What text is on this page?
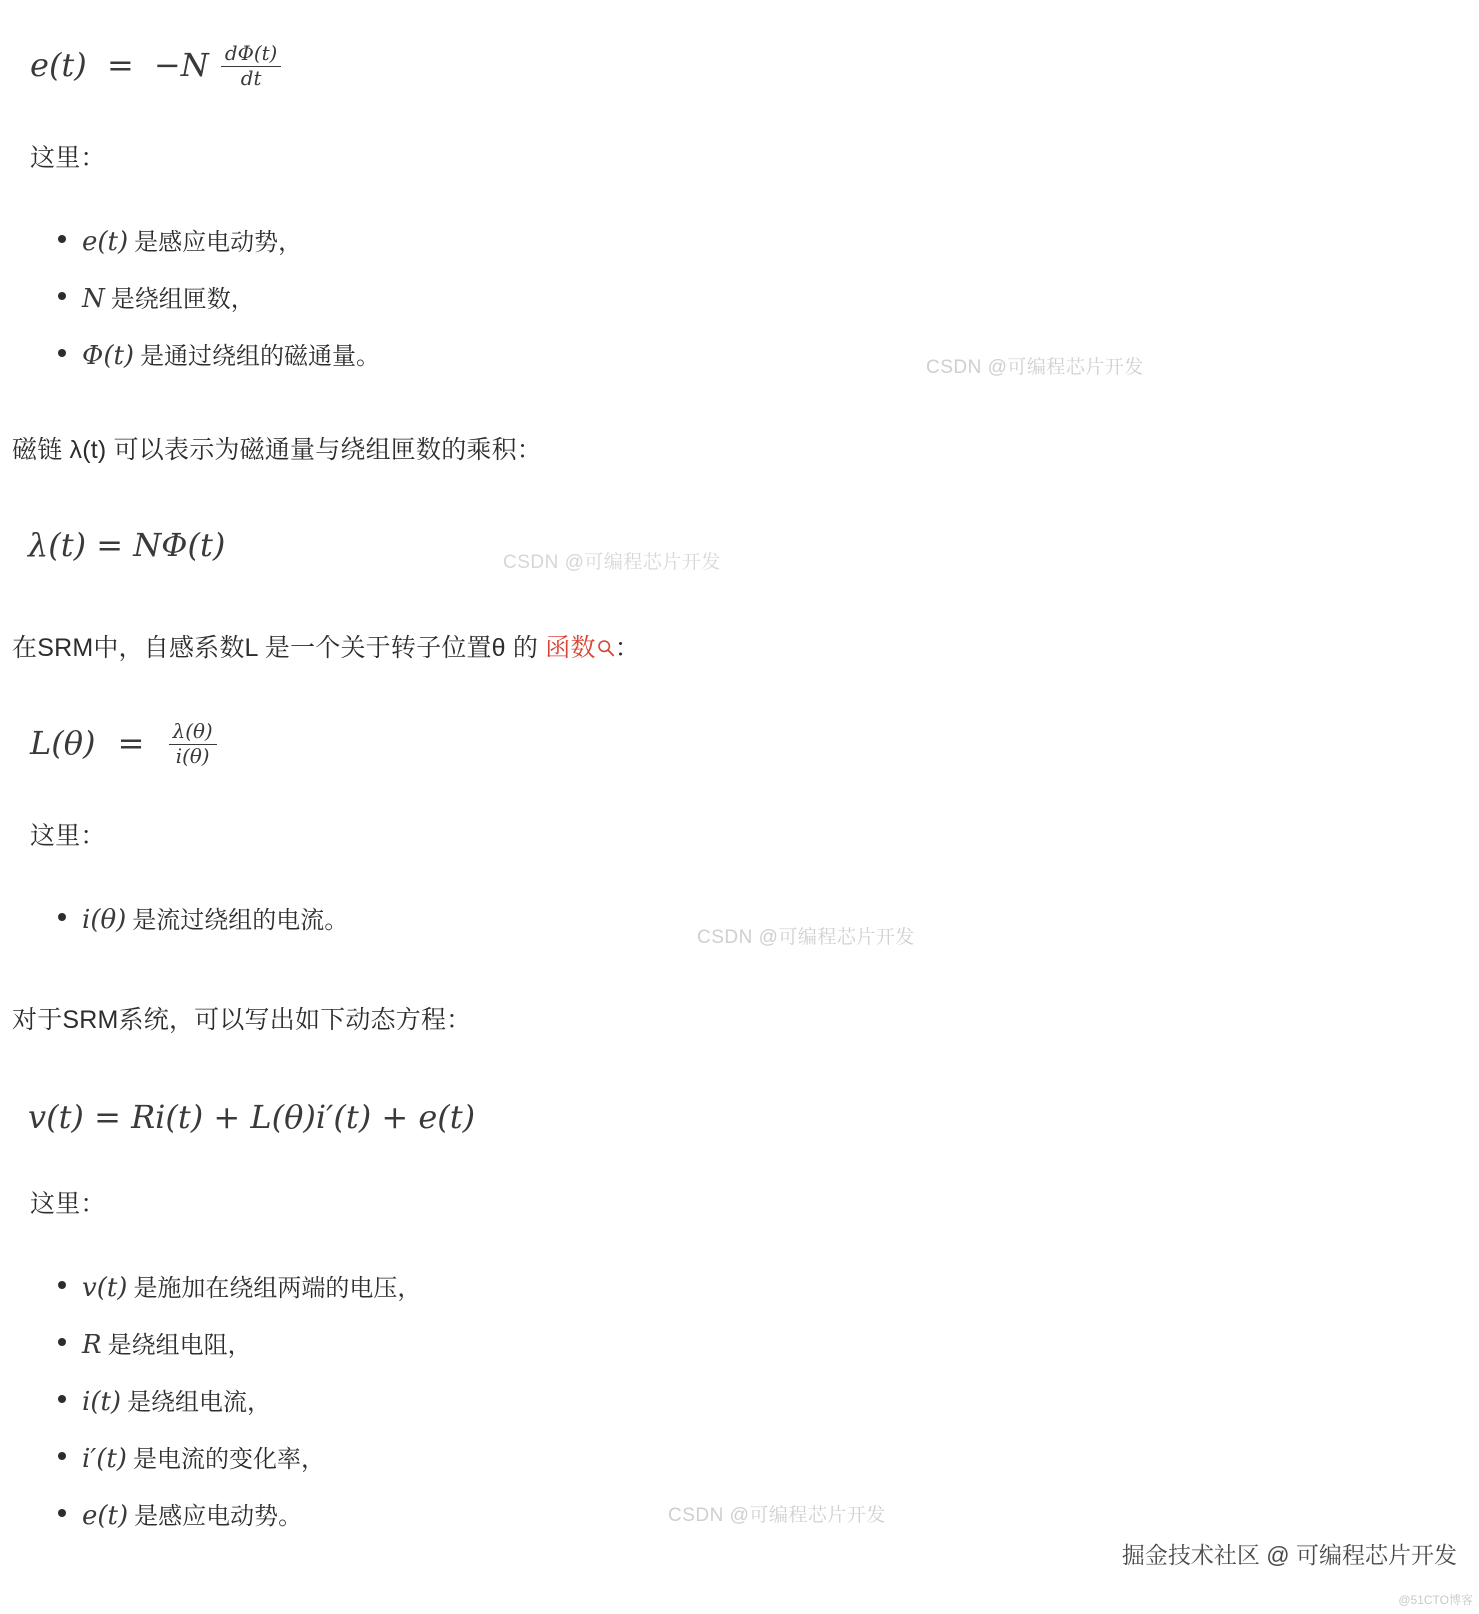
$e(t) = -N \frac{d\Phi(t)}{dt}$
这里：
e(t) 是感应电动势，
N 是绕组匣数，
Φ(t) 是通过绕组的磁通量。	CSDN @可编程芯片开发
磁链 λ(t) 可以表示为磁通量与绕组匣数的乘积：
λ(t) = NΦ(t)	CSDN @可编程芯片开发
在SRM中，自感系数L 是一个关于转子位置θ 的 函数 ：
$L(\theta) = \frac{\lambda(\theta)}{i(\theta)}$
这里：
i(θ) 是流过绕组的电流。
CSDN @可编程芯片开发
对于SRM系统，可以写出如下动态方程：
v(t) = Ri(t) + L(θ)i′(t) + e(t)
这里：
v(t) 是施加在绕组两端的电压，
R 是绕组电阻，
i(t) 是绕组电流，
i′(t) 是电流的变化率，
e(t) 是感应电动势。	CSDN @可编程芯片开发
掘金技术社区 @ 可编程芯片开发
@51CTO博客
